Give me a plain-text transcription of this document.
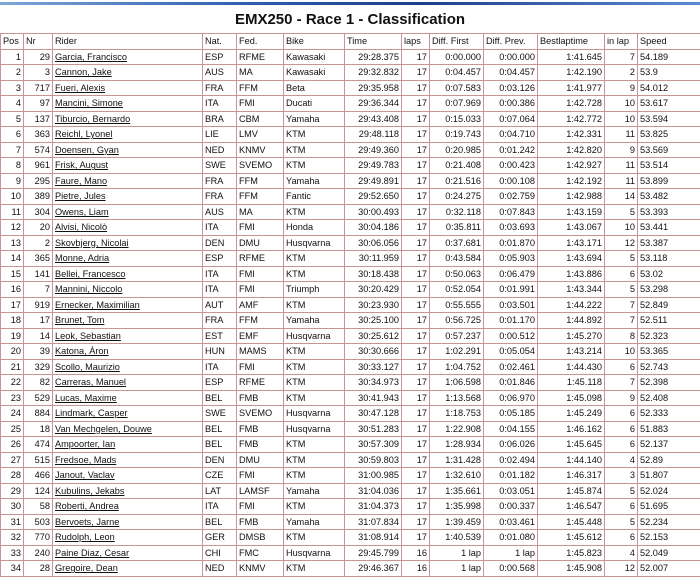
EMX250 - Race 1 - Classification
Pos	Nr	Rider	Nat.	Fed.	Bike	Time	laps	Diff. First	Diff. Prev.	Bestlaptime	in lap	Speed
1	29	Garcia, Francisco	ESP	RFME	Kawasaki	29:28.375	17	0:00.000	0:00.000	1:41.645	7	54.189
2	3	Cannon, Jake	AUS	MA	Kawasaki	29:32.832	17	0:04.457	0:04.457	1:42.190	2	53.9
3	717	Fueri, Alexis	FRA	FFM	Beta	29:35.958	17	0:07.583	0:03.126	1:41.977	9	54.012
4	97	Mancini, Simone	ITA	FMI	Ducati	29:36.344	17	0:07.969	0:00.386	1:42.728	10	53.617
5	137	Tiburcio, Bernardo	BRA	CBM	Yamaha	29:43.408	17	0:15.033	0:07.064	1:42.772	10	53.594
6	363	Reichl, Lyonel	LIE	LMV	KTM	29:48.118	17	0:19.743	0:04.710	1:42.331	11	53.825
7	574	Doensen, Gyan	NED	KNMV	KTM	29:49.360	17	0:20.985	0:01.242	1:42.820	9	53.569
8	961	Frisk, August	SWE	SVEMO	KTM	29:49.783	17	0:21.408	0:00.423	1:42.927	11	53.514
9	295	Faure, Mano	FRA	FFM	Yamaha	29:49.891	17	0:21.516	0:00.108	1:42.192	11	53.899
10	389	Pietre, Jules	FRA	FFM	Fantic	29:52.650	17	0:24.275	0:02.759	1:42.988	14	53.482
11	304	Owens, Liam	AUS	MA	KTM	30:00.493	17	0:32.118	0:07.843	1:43.159	5	53.393
12	20	Alvisi, Nicolò	ITA	FMI	Honda	30:04.186	17	0:35.811	0:03.693	1:43.067	10	53.441
13	2	Skovbjerg, Nicolai	DEN	DMU	Husqvarna	30:06.056	17	0:37.681	0:01.870	1:43.171	12	53.387
14	365	Monne, Adria	ESP	RFME	KTM	30:11.959	17	0:43.584	0:05.903	1:43.694	5	53.118
15	141	Bellei, Francesco	ITA	FMI	KTM	30:18.438	17	0:50.063	0:06.479	1:43.886	6	53.02
16	7	Mannini, Niccolo	ITA	FMI	Triumph	30:20.429	17	0:52.054	0:01.991	1:43.344	5	53.298
17	919	Ernecker, Maximilian	AUT	AMF	KTM	30:23.930	17	0:55.555	0:03.501	1:44.222	7	52.849
18	17	Brunet, Tom	FRA	FFM	Yamaha	30:25.100	17	0:56.725	0:01.170	1:44.892	7	52.511
19	14	Leok, Sebastian	EST	EMF	Husqvarna	30:25.612	17	0:57.237	0:00.512	1:45.270	8	52.323
20	39	Katona, Áron	HUN	MAMS	KTM	30:30.666	17	1:02.291	0:05.054	1:43.214	10	53.365
21	329	Scollo, Maurizio	ITA	FMI	KTM	30:33.127	17	1:04.752	0:02.461	1:44.430	6	52.743
22	82	Carreras, Manuel	ESP	RFME	KTM	30:34.973	17	1:06.598	0:01.846	1:45.118	7	52.398
23	529	Lucas, Maxime	BEL	FMB	KTM	30:41.943	17	1:13.568	0:06.970	1:45.098	9	52.408
24	884	Lindmark, Casper	SWE	SVEMO	Husqvarna	30:47.128	17	1:18.753	0:05.185	1:45.249	6	52.333
25	18	Van Mechgelen, Douwe	BEL	FMB	Husqvarna	30:51.283	17	1:22.908	0:04.155	1:46.162	6	51.883
26	474	Ampoorter, Ian	BEL	FMB	KTM	30:57.309	17	1:28.934	0:06.026	1:45.645	6	52.137
27	515	Fredsoe, Mads	DEN	DMU	KTM	30:59.803	17	1:31.428	0:02.494	1:44.140	4	52.89
28	466	Janout, Vaclav	CZE	FMI	KTM	31:00.985	17	1:32.610	0:01.182	1:46.317	3	51.807
29	124	Kubulins, Jekabs	LAT	LAMSF	Yamaha	31:04.036	17	1:35.661	0:03.051	1:45.874	5	52.024
30	58	Roberti, Andrea	ITA	FMI	KTM	31:04.373	17	1:35.998	0:00.337	1:46.547	6	51.695
31	503	Bervoets, Jarne	BEL	FMB	Yamaha	31:07.834	17	1:39.459	0:03.461	1:45.448	5	52.234
32	770	Rudolph, Leon	GER	DMSB	KTM	31:08.914	17	1:40.539	0:01.080	1:45.612	6	52.153
33	240	Paine Diaz, Cesar	CHI	FMC	Husqvarna	29:45.799	16	1 lap	1 lap	1:45.823	4	52.049
34	28	Gregoire, Dean	NED	KNMV	KTM	29:46.367	16	1 lap	0:00.568	1:45.908	12	52.007
